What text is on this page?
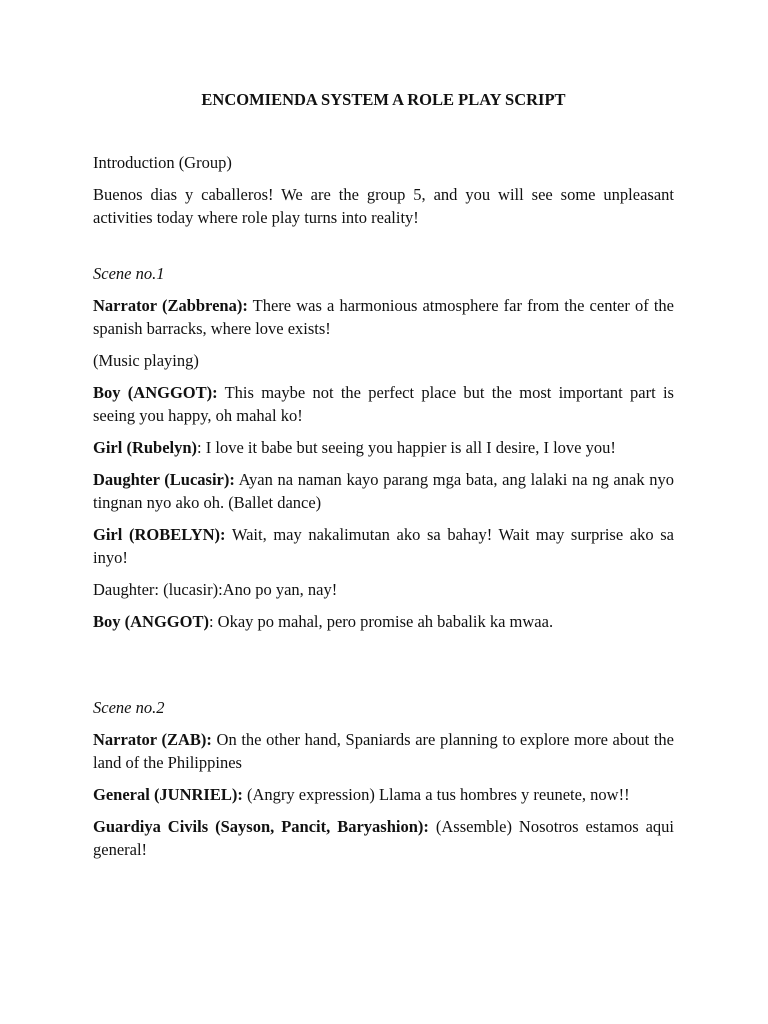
ENCOMIENDA SYSTEM A ROLE PLAY SCRIPT

Introduction (Group)

Buenos dias y caballeros! We are the group 5, and you will see some unpleasant activities today where role play turns into reality!

Scene no.1

Narrator (Zabbrena): There was a harmonious atmosphere far from the center of the spanish barracks, where love exists!

(Music playing)

Boy (ANGGOT): This maybe not the perfect place but the most important part is seeing you happy, oh mahal ko!

Girl (Rubelyn): I love it babe but seeing you happier is all I desire, I love you!

Daughter (Lucasir): Ayan na naman kayo parang mga bata, ang lalaki na ng anak nyo tingnan nyo ako oh. (Ballet dance)

Girl (ROBELYN): Wait, may nakalimutan ako sa bahay! Wait may surprise ako sa inyo!

Daughter: (lucasir):Ano po yan, nay!

Boy (ANGGOT): Okay po mahal, pero promise ah babalik ka mwaa.

Scene no.2

Narrator (ZAB): On the other hand, Spaniards are planning to explore more about the land of the Philippines

General (JUNRIEL): (Angry expression) Llama a tus hombres y reunete, now!!

Guardiya Civils (Sayson, Pancit, Baryashion): (Assemble) Nosotros estamos aqui general!
